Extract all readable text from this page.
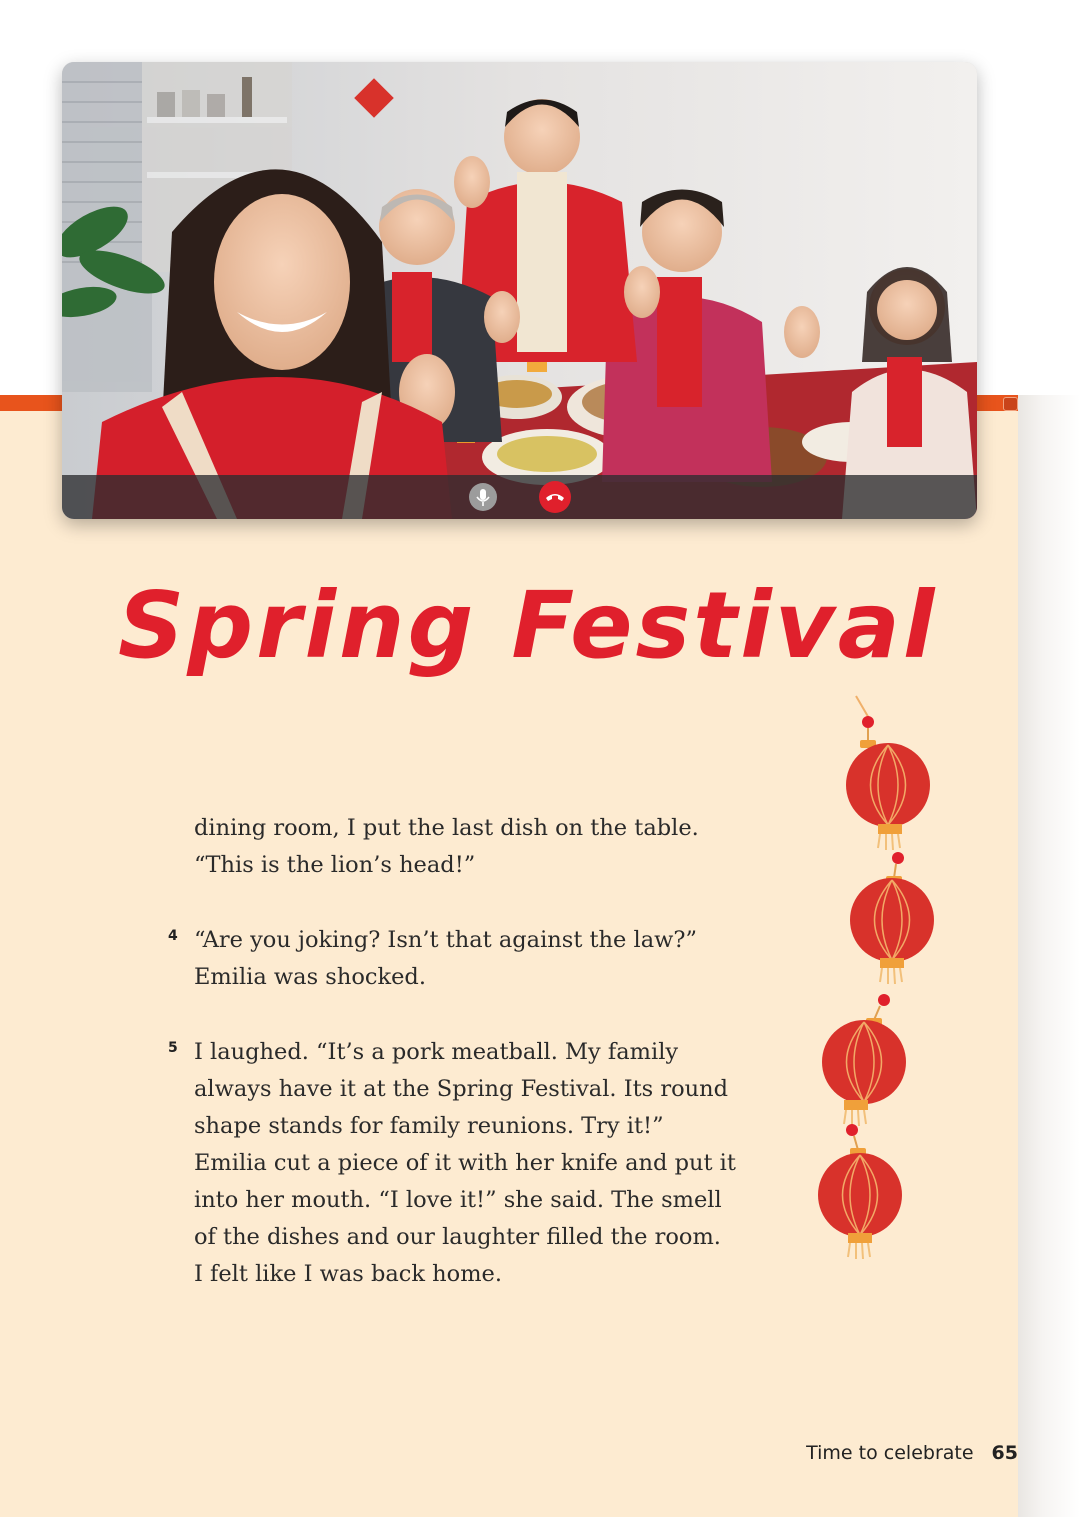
Spring Festival
dining room, I put the last dish on the table.
“This is the lion’s head!”
4 “Are you joking? Isn’t that against the law?”
Emilia was shocked.
5 I laughed. “It’s a pork meatball. My family
always have it at the Spring Festival. Its round
shape stands for family reunions. Try it!”
Emilia cut a piece of it with her knife and put it
into her mouth. “I love it!” she said. The smell
of the dishes and our laughter filled the room.
I felt like I was back home.
Time to celebrate 65
